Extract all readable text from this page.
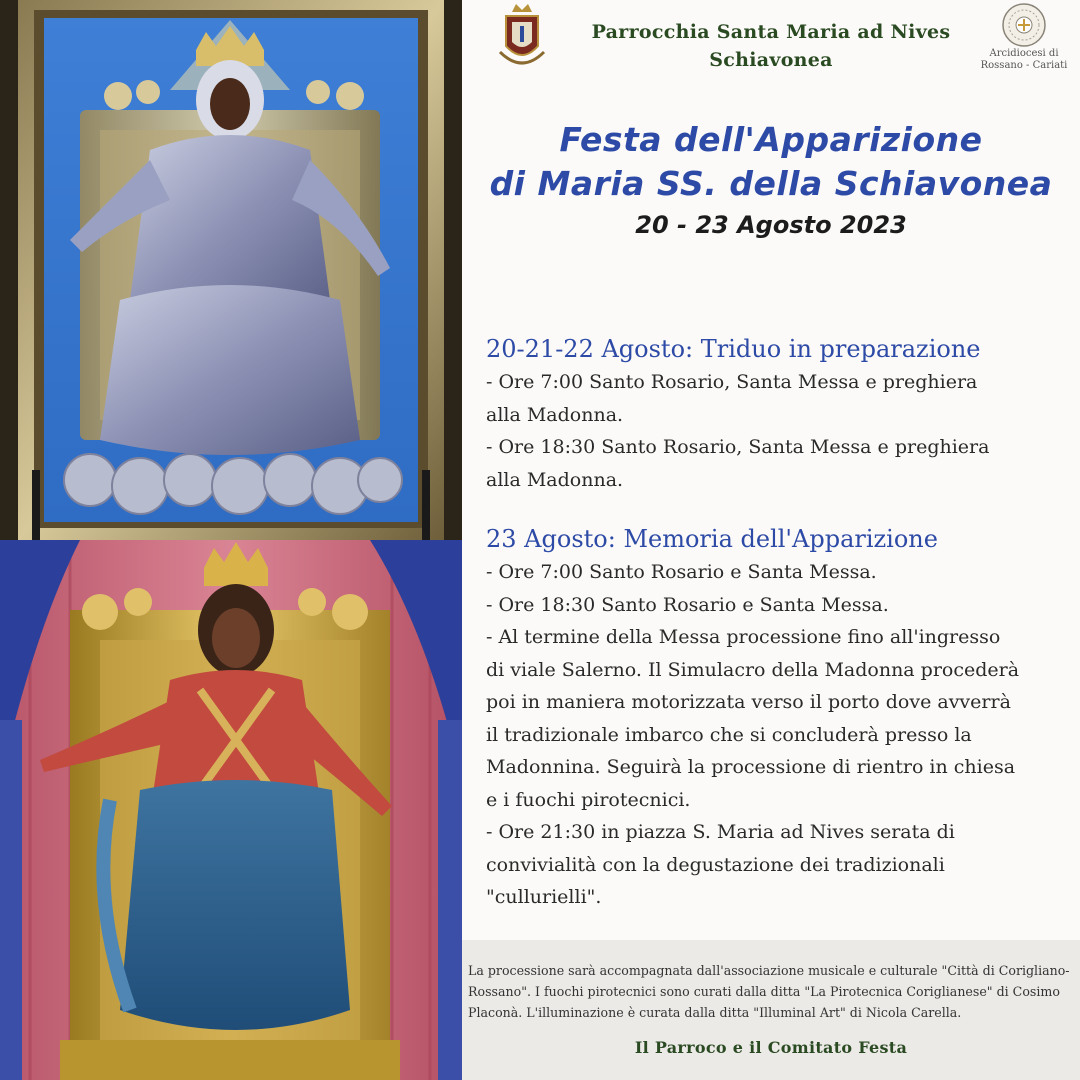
Parrocchia Santa Maria ad Nives
Schiavonea	Arcidiocesi di
Rossano - Cariati
Festa dell'Apparizione
di Maria SS. della Schiavonea
20 - 23 Agosto 2023
20-21-22 Agosto: Triduo in preparazione

- Ore 7:00 Santo Rosario, Santa Messa e preghiera

alla Madonna.

- Ore 18:30 Santo Rosario, Santa Messa e preghiera

alla Madonna.

23 Agosto: Memoria dell'Apparizione

- Ore 7:00 Santo Rosario e Santa Messa.

- Ore 18:30 Santo Rosario e Santa Messa.

- Al termine della Messa processione fino all'ingresso

di viale Salerno. Il Simulacro della Madonna procederà

poi in maniera motorizzata verso il porto dove avverrà

il tradizionale imbarco che si concluderà presso la

Madonnina. Seguirà la processione di rientro in chiesa

e i fuochi pirotecnici.

- Ore 21:30 in piazza S. Maria ad Nives serata di

convivialità con la degustazione dei tradizionali

"cullurielli".

La processione sarà accompagnata dall'associazione musicale e culturale "Città di Corigliano-Rossano". I fuochi pirotecnici sono curati dalla ditta "La Pirotecnica Coriglianese" di Cosimo Placonà. L'illuminazione è curata dalla ditta "Illuminal Art" di Nicola Carella.
Il Parroco e il Comitato Festa
